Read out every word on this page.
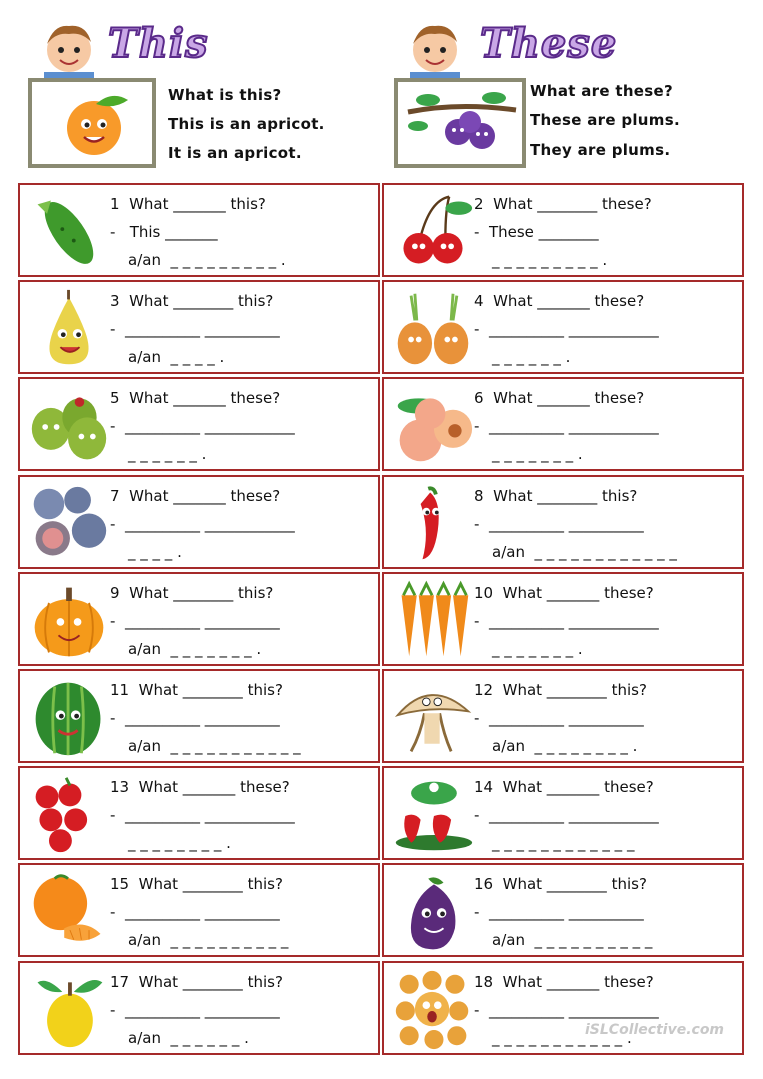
This
What is this?
This is an apricot.
It is an apricot.
These
What are these?
These are plums.
They are plums.
1  What _______ this?
-   This _______
a/an  _ _ _ _ _ _ _ _ _ .
2  What ________ these?
-  These ________
_ _ _ _ _ _ _ _ _ .
3  What ________ this?
-  __________ __________
a/an  _ _ _ _ .
4  What _______ these?
-  __________ ____________
_ _ _ _ _ _ .
5  What _______ these?
-  __________ ____________
_ _ _ _ _ _ .
6  What _______ these?
-  __________ ____________
_ _ _ _ _ _ _ .
7  What _______ these?
-  __________ ____________
_ _ _ _ .
8  What ________ this?
-  __________ __________
a/an  _ _ _ _ _ _ _ _ _ _ _ _
9  What ________ this?
-  __________ __________
a/an  _ _ _ _ _ _ _ .
10  What _______ these?
-  __________ ____________
_ _ _ _ _ _ _ .
11  What ________ this?
-  __________ __________
a/an  _ _ _ _ _ _ _ _ _ _ _
12  What ________ this?
-  __________ __________
a/an  _ _ _ _ _ _ _ _ .
13  What _______ these?
-  __________ ____________
_ _ _ _ _ _ _ _ .
14  What _______ these?
-  __________ ____________
_ _ _ _ _ _ _ _ _ _ _ _
15  What ________ this?
-  __________ __________
a/an  _ _ _ _ _ _ _ _ _ _
16  What ________ this?
-  __________ __________
a/an  _ _ _ _ _ _ _ _ _ _
17  What ________ this?
-  __________ __________
a/an  _ _ _ _ _ _ .
18  What _______ these?
-  __________ ____________
_ _ _ _ _ _ _ _ _ _ _ .
iSLCollective.com
